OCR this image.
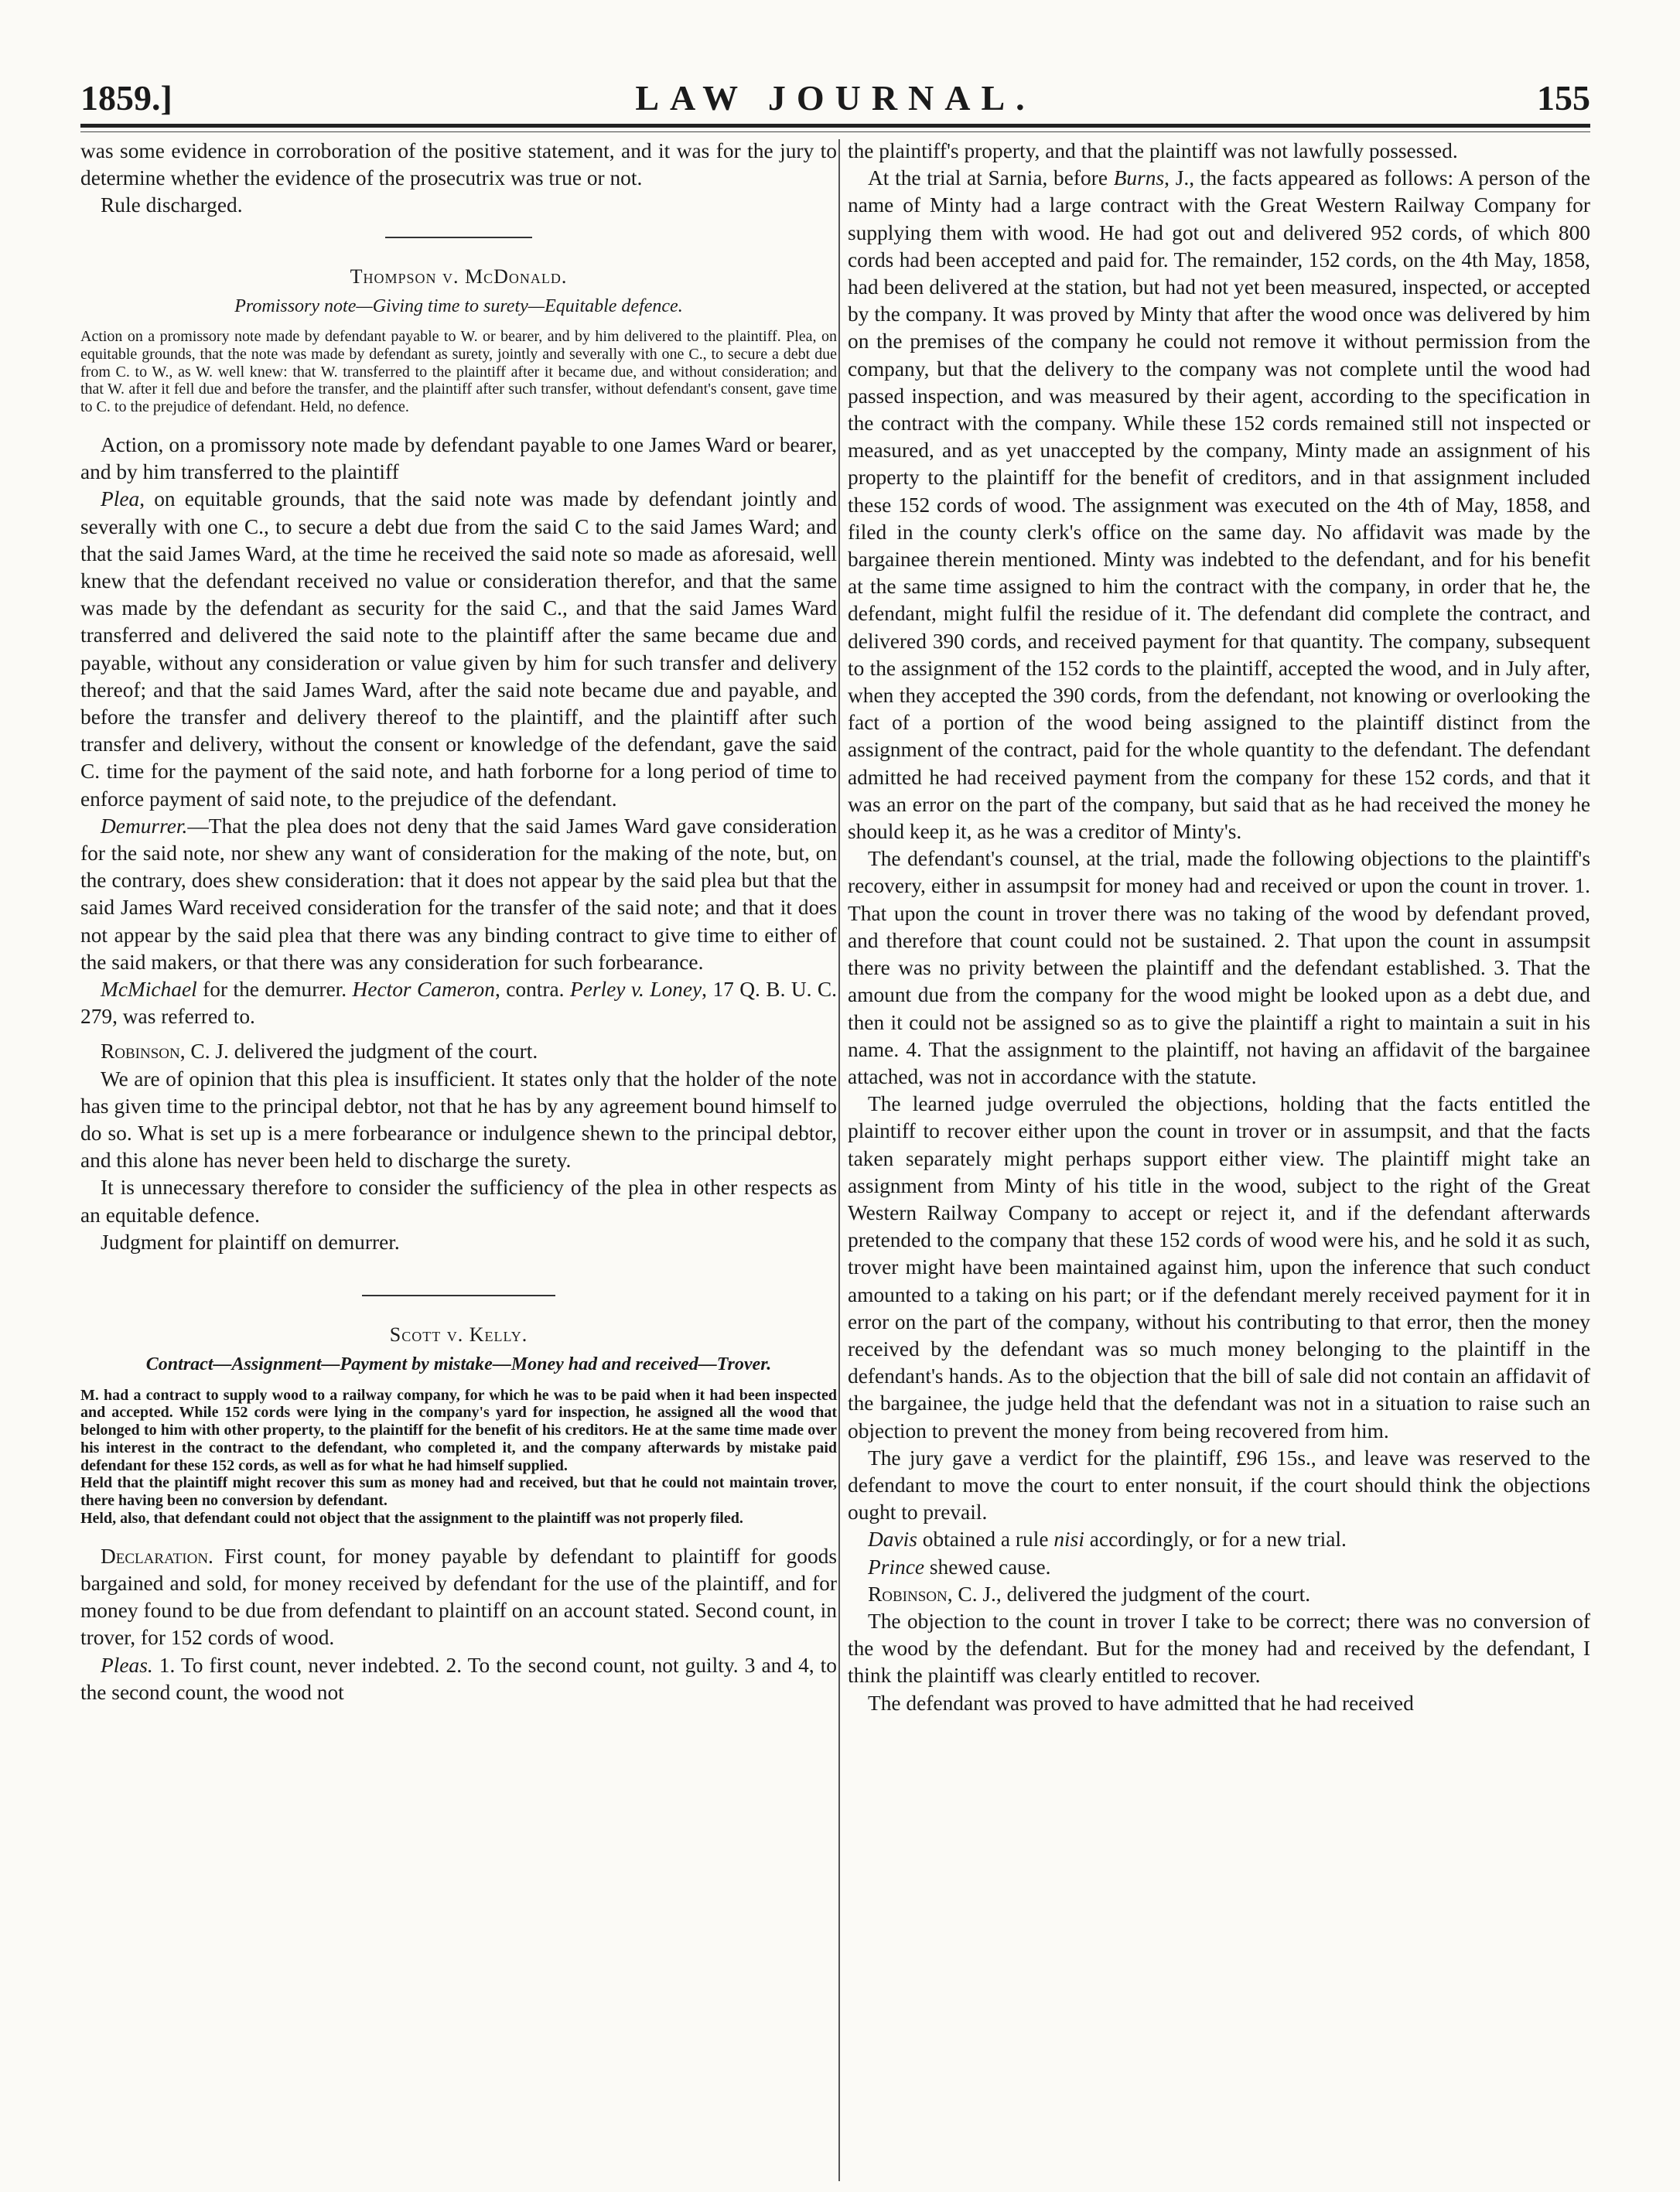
1859.]	LAW JOURNAL.	155

was some evidence in corroboration of the positive statement, and it was for the jury to determine whether the evidence of the prosecutrix was true or not.

Rule discharged.

Thompson v. McDonald.
Promissory note—Giving time to surety—Equitable defence.

Action on a promissory note made by defendant payable to W. or bearer, and by him delivered to the plaintiff. Plea, on equitable grounds, that the note was made by defendant as surety, jointly and severally with one C., to secure a debt due from C. to W., as W. well knew: that W. transferred to the plaintiff after it became due, and without consideration; and that W. after it fell due and before the transfer, and the plaintiff after such transfer, without defendant's consent, gave time to C. to the prejudice of defendant. Held, no defence.

Action, on a promissory note made by defendant payable to one James Ward or bearer, and by him transferred to the plaintiff

Plea, on equitable grounds, that the said note was made by defendant jointly and severally with one C., to secure a debt due from the said C to the said James Ward; and that the said James Ward, at the time he received the said note so made as aforesaid, well knew that the defendant received no value or consideration therefor, and that the same was made by the defendant as security for the said C., and that the said James Ward transferred and delivered the said note to the plaintiff after the same became due and payable, without any consideration or value given by him for such transfer and delivery thereof; and that the said James Ward, after the said note became due and payable, and before the transfer and delivery thereof to the plaintiff, and the plaintiff after such transfer and delivery, without the consent or knowledge of the defendant, gave the said C. time for the payment of the said note, and hath forborne for a long period of time to enforce payment of said note, to the prejudice of the defendant.

Demurrer.—That the plea does not deny that the said James Ward gave consideration for the said note, nor shew any want of consideration for the making of the note, but, on the contrary, does shew consideration: that it does not appear by the said plea but that the said James Ward received consideration for the transfer of the said note; and that it does not appear by the said plea that there was any binding contract to give time to either of the said makers, or that there was any consideration for such forbearance.

McMichael for the demurrer. Hector Cameron, contra. Perley v. Loney, 17 Q. B. U. C. 279, was referred to.

Robinson, C. J. delivered the judgment of the court.

We are of opinion that this plea is insufficient. It states only that the holder of the note has given time to the principal debtor, not that he has by any agreement bound himself to do so. What is set up is a mere forbearance or indulgence shewn to the principal debtor, and this alone has never been held to discharge the surety.

It is unnecessary therefore to consider the sufficiency of the plea in other respects as an equitable defence.

Judgment for plaintiff on demurrer.

Scott v. Kelly.
Contract—Assignment—Payment by mistake—Money had and received—Trover.

M. had a contract to supply wood to a railway company, for which he was to be paid when it had been inspected and accepted. While 152 cords were lying in the company's yard for inspection, he assigned all the wood that belonged to him with other property, to the plaintiff for the benefit of his creditors. He at the same time made over his interest in the contract to the defendant, who completed it, and the company afterwards by mistake paid defendant for these 152 cords, as well as for what he had himself supplied.

Held that the plaintiff might recover this sum as money had and received, but that he could not maintain trover, there having been no conversion by defendant.

Held, also, that defendant could not object that the assignment to the plaintiff was not properly filed.

Declaration. First count, for money payable by defendant to plaintiff for goods bargained and sold, for money received by defendant for the use of the plaintiff, and for money found to be due from defendant to plaintiff on an account stated. Second count, in trover, for 152 cords of wood.

Pleas. 1. To first count, never indebted. 2. To the second count, not guilty. 3 and 4, to the second count, the wood not

the plaintiff's property, and that the plaintiff was not lawfully possessed.

At the trial at Sarnia, before Burns, J., the facts appeared as follows: A person of the name of Minty had a large contract with the Great Western Railway Company for supplying them with wood. He had got out and delivered 952 cords, of which 800 cords had been accepted and paid for. The remainder, 152 cords, on the 4th May, 1858, had been delivered at the station, but had not yet been measured, inspected, or accepted by the company. It was proved by Minty that after the wood once was delivered by him on the premises of the company he could not remove it without permission from the company, but that the delivery to the company was not complete until the wood had passed inspection, and was measured by their agent, according to the specification in the contract with the company. While these 152 cords remained still not inspected or measured, and as yet unaccepted by the company, Minty made an assignment of his property to the plaintiff for the benefit of creditors, and in that assignment included these 152 cords of wood. The assignment was executed on the 4th of May, 1858, and filed in the county clerk's office on the same day. No affidavit was made by the bargainee therein mentioned. Minty was indebted to the defendant, and for his benefit at the same time assigned to him the contract with the company, in order that he, the defendant, might fulfil the residue of it. The defendant did complete the contract, and delivered 390 cords, and received payment for that quantity. The company, subsequent to the assignment of the 152 cords to the plaintiff, accepted the wood, and in July after, when they accepted the 390 cords, from the defendant, not knowing or overlooking the fact of a portion of the wood being assigned to the plaintiff distinct from the assignment of the contract, paid for the whole quantity to the defendant. The defendant admitted he had received payment from the company for these 152 cords, and that it was an error on the part of the company, but said that as he had received the money he should keep it, as he was a creditor of Minty's.

The defendant's counsel, at the trial, made the following objections to the plaintiff's recovery, either in assumpsit for money had and received or upon the count in trover. 1. That upon the count in trover there was no taking of the wood by defendant proved, and therefore that count could not be sustained. 2. That upon the count in assumpsit there was no privity between the plaintiff and the defendant established. 3. That the amount due from the company for the wood might be looked upon as a debt due, and then it could not be assigned so as to give the plaintiff a right to maintain a suit in his name. 4. That the assignment to the plaintiff, not having an affidavit of the bargainee attached, was not in accordance with the statute.

The learned judge overruled the objections, holding that the facts entitled the plaintiff to recover either upon the count in trover or in assumpsit, and that the facts taken separately might perhaps support either view. The plaintiff might take an assignment from Minty of his title in the wood, subject to the right of the Great Western Railway Company to accept or reject it, and if the defendant afterwards pretended to the company that these 152 cords of wood were his, and he sold it as such, trover might have been maintained against him, upon the inference that such conduct amounted to a taking on his part; or if the defendant merely received payment for it in error on the part of the company, without his contributing to that error, then the money received by the defendant was so much money belonging to the plaintiff in the defendant's hands. As to the objection that the bill of sale did not contain an affidavit of the bargainee, the judge held that the defendant was not in a situation to raise such an objection to prevent the money from being recovered from him.

The jury gave a verdict for the plaintiff, £96 15s., and leave was reserved to the defendant to move the court to enter nonsuit, if the court should think the objections ought to prevail.

Davis obtained a rule nisi accordingly, or for a new trial.

Prince shewed cause.

Robinson, C. J., delivered the judgment of the court.

The objection to the count in trover I take to be correct; there was no conversion of the wood by the defendant. But for the money had and received by the defendant, I think the plaintiff was clearly entitled to recover.

The defendant was proved to have admitted that he had received
